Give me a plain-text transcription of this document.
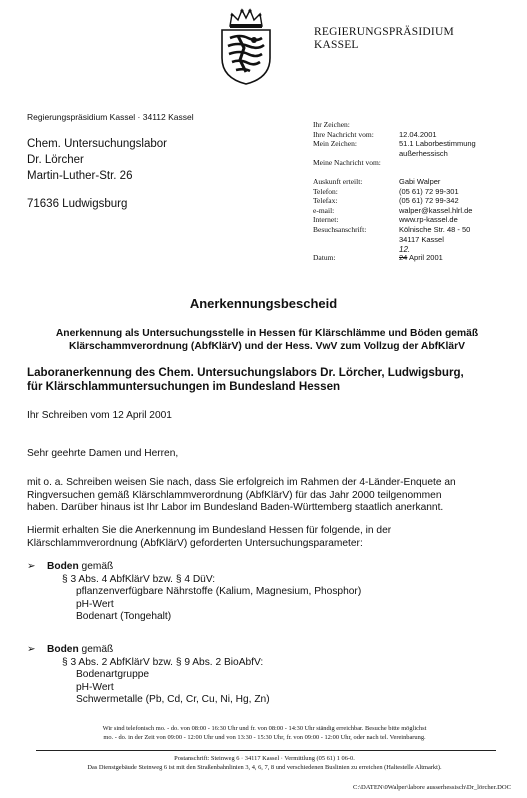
REGIERUNGSPRÄSIDIUM
KASSEL
Regierungspräsidium Kassel · 34112 Kassel
Chem. Untersuchungslabor
Dr. Lörcher
Martin-Luther-Str. 26
71636 Ludwigsburg
Ihr Zeichen:
Ihre Nachricht vom:	12.04.2001
Mein Zeichen:	51.1 Laborbestimmung
außerhessisch
Meine Nachricht vom:
Auskunft erteilt:	Gabi Walper
Telefon:	(05 61) 72 99-301
Telefax:	(05 61) 72 99-342
e-mail:	walper@kassel.hlrl.de
Internet:	www.rp-kassel.de
Besuchsanschrift:	Kölnische Str. 48 - 50
34117 Kassel
Datum:	24
12.
April 2001
Anerkennungsbescheid
Anerkennung als Untersuchungsstelle in Hessen für Klärschlämme und Böden gemäß
Klärschammverordnung (AbfKlärV) und der Hess. VwV zum Vollzug der AbfKlärV
Laboranerkennung des Chem. Untersuchungslabors Dr. Lörcher, Ludwigsburg,
für Klärschlammuntersuchungen im Bundesland Hessen
Ihr Schreiben vom 12 April 2001
Sehr geehrte Damen und Herren,
mit o. a. Schreiben weisen Sie nach, dass Sie erfolgreich im Rahmen der 4-Länder-Enquete an
Ringversuchen gemäß Klärschlammverordnung (AbfKlärV) für das Jahr 2000 teilgenommen
haben. Darüber hinaus ist Ihr Labor im Bundesland Baden-Württemberg staatlich anerkannt.
Hiermit erhalten Sie die Anerkennung im Bundesland Hessen für folgende, in der
Klärschlammverordnung (AbfKlärV) geforderten Untersuchungsparameter:
➢	Boden gemäß
§ 3 Abs. 4 AbfKlärV bzw. § 4 DüV:
pflanzenverfügbare Nährstoffe (Kalium, Magnesium, Phosphor)
pH-Wert
Bodenart (Tongehalt)
➢	Boden gemäß
§ 3 Abs. 2 AbfKlärV bzw. § 9 Abs. 2 BioAbfV:
Bodenartgruppe
pH-Wert
Schwermetalle (Pb, Cd, Cr, Cu, Ni, Hg, Zn)
Wir sind telefonisch mo. - do. von 08:00 - 16:30 Uhr und fr. von 08:00 - 14:30 Uhr ständig erreichbar. Besuche bitte möglichst
mo. - do. in der Zeit von 09:00 - 12:00 Uhr und von 13:30 - 15:30 Uhr, fr. von 09:00 - 12:00 Uhr, oder nach tel. Vereinbarung.
Postanschrift: Steinweg 6 · 34117 Kassel · Vermittlung (05 61) 1 06-0.
Das Dienstgebäude Steinweg 6 ist mit den Straßenbahnlinien 3, 4, 6, 7, 8 und verschiedenen Buslinien zu erreichen (Haltestelle Altmarkt).
C:\DATEN\0Walper\labore ausserhessisch\Dr_lörcher.DOC
